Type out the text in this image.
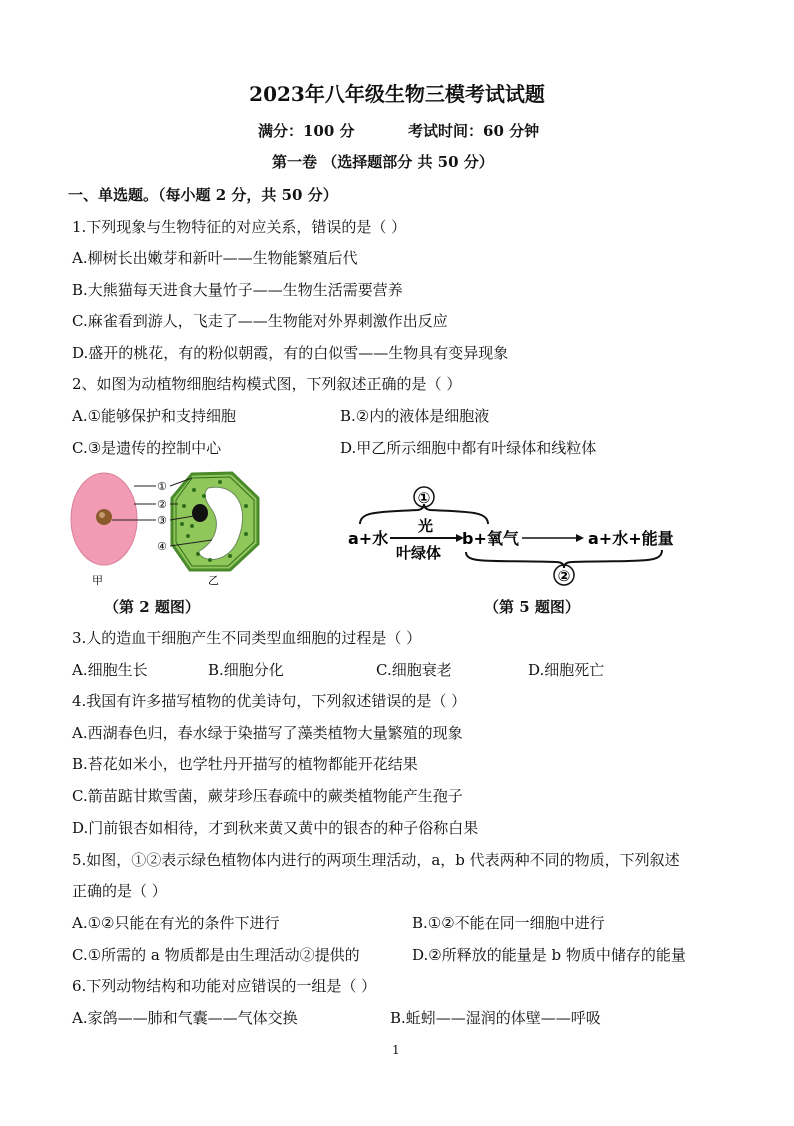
2023年八年级生物三模考试试题
满分：100 分	考试时间：60 分钟
第一卷 （选择题部分 共 50 分）
一、单选题。（每小题 2 分，共 50 分）
1.下列现象与生物特征的对应关系，错误的是（ ）
A.柳树长出嫩芽和新叶——生物能繁殖后代
B.大熊猫每天进食大量竹子——生物生活需要营养
C.麻雀看到游人，飞走了——生物能对外界刺激作出反应
D.盛开的桃花，有的粉似朝霞，有的白似雪——生物具有变异现象
2、如图为动植物细胞结构模式图，下列叙述正确的是（ ）
A.①能够保护和支持细胞	B.②内的液体是细胞液
C.③是遗传的控制中心	D.甲乙所示细胞中都有叶绿体和线粒体
①
②
③
④
甲	乙
（第 2 题图）
①
a+水
光
叶绿体
b+氧气	a+水+能量
②
（第 5 题图）
3.人的造血干细胞产生不同类型血细胞的过程是（ ）
A.细胞生长	B.细胞分化	C.细胞衰老	D.细胞死亡
4.我国有许多描写植物的优美诗句，下列叙述错误的是（ ）
A.西湖春色归，春水绿于染描写了藻类植物大量繁殖的现象
B.苔花如米小，也学牡丹开描写的植物都能开花结果
C.箭苗踮甘欺雪菌，蕨芽珍压春疏中的蕨类植物能产生孢子
D.门前银杏如相待，才到秋来黄又黄中的银杏的种子俗称白果
5.如图，①②表示绿色植物体内进行的两项生理活动，a，b 代表两种不同的物质，下列叙述
正确的是（ ）
A.①②只能在有光的条件下进行	B.①②不能在同一细胞中进行
C.①所需的 a 物质都是由生理活动②提供的	D.②所释放的能量是 b 物质中储存的能量
6.下列动物结构和功能对应错误的一组是（ ）
A.家鸽——肺和气囊——气体交换	B.蚯蚓——湿润的体壁——呼吸
1
